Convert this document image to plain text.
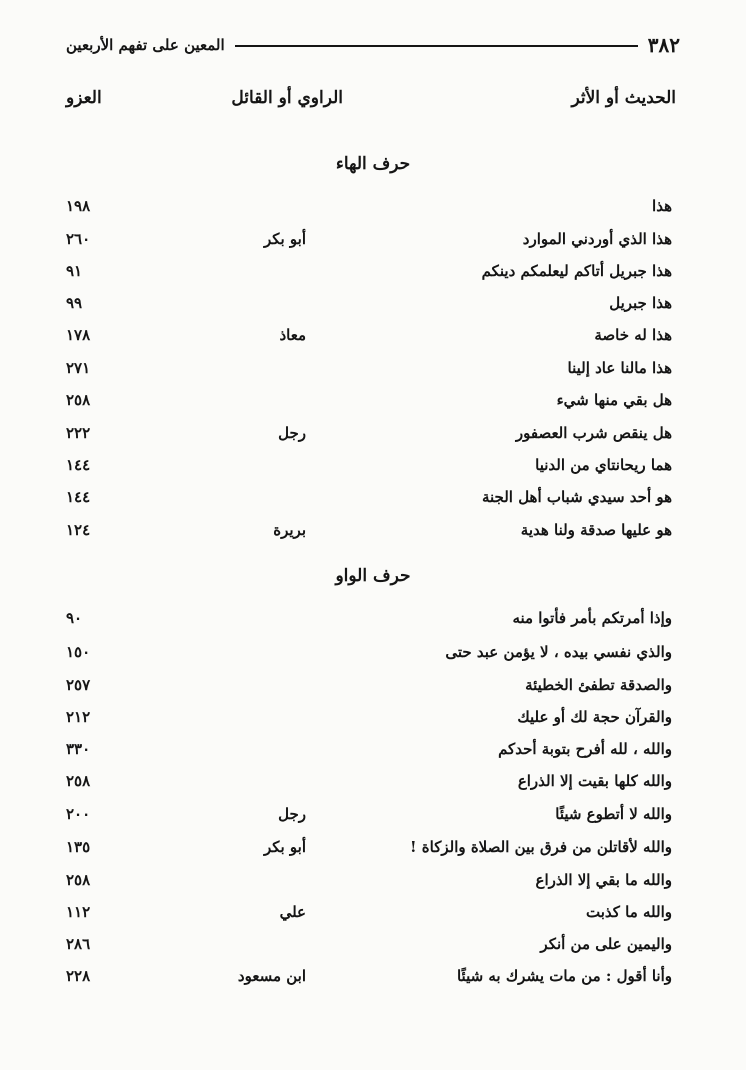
٣٨٢
المعين على تفهم الأربعين
الحديث أو الأثر
الراوي أو القائل
العزو
حرف الهاء
هذا
١٩٨
هذا الذي أوردني الموارد
أبو بكر
٢٦٠
هذا جبريل أتاكم ليعلمكم دينكم
٩١
هذا جبريل
٩٩
هذا له خاصة
معاذ
١٧٨
هذا مالنا عاد إلينا
٢٧١
هل بقي منها شيء
٢٥٨
هل ينقص شرب العصفور
رجل
٢٢٢
هما ريحانتاي من الدنيا
١٤٤
هو أحد سيدي شباب أهل الجنة
١٤٤
هو عليها صدقة ولنا هدية
بريرة
١٢٤
حرف الواو
وإذا أمرتكم بأمر فأتوا منه
٩٠
والذي نفسي بيده ، لا يؤمن عبد حتى
١٥٠
والصدقة تطفئ الخطيئة
٢٥٧
والقرآن حجة لك أو عليك
٢١٢
والله ، لله أفرح بتوبة أحدكم
٣٣٠
والله كلها بقيت إلا الذراع
٢٥٨
والله لا أتطوع شيئًا
رجل
٢٠٠
والله لأقاتلن من فرق بين الصلاة والزكاة !
أبو بكر
١٣٥
والله ما بقي إلا الذراع
٢٥٨
والله ما كذبت
علي
١١٢
واليمين على من أنكر
٢٨٦
وأنا أقول : من مات يشرك به شيئًا
ابن مسعود
٢٢٨
